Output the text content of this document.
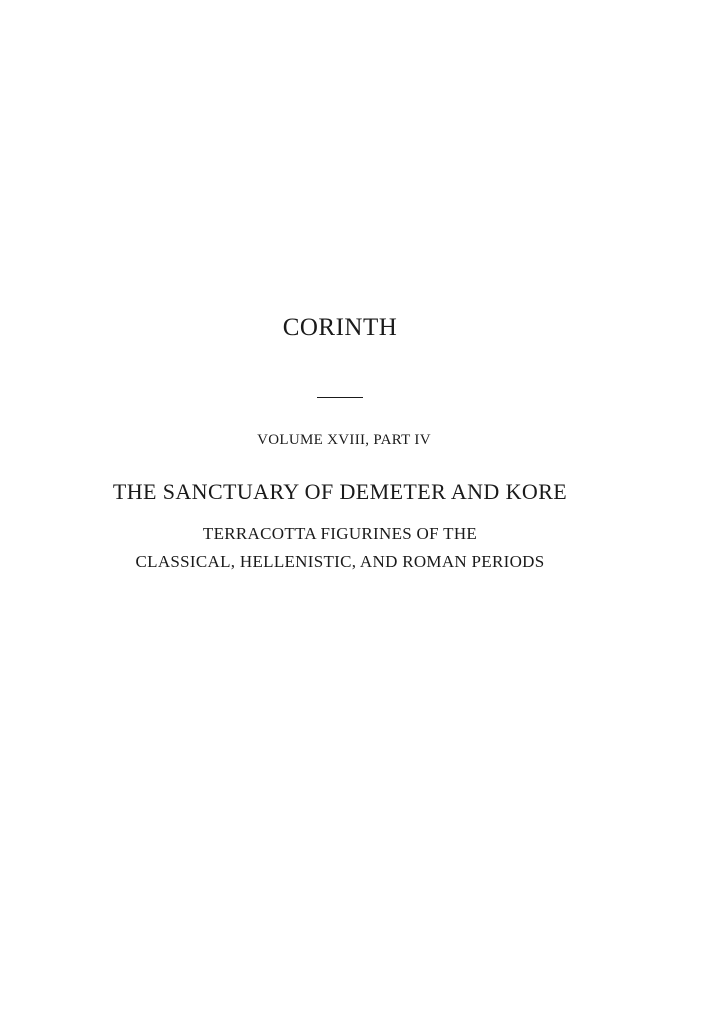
CORINTH
VOLUME XVIII, PART IV
THE SANCTUARY OF DEMETER AND KORE
TERRACOTTA FIGURINES OF THE
CLASSICAL, HELLENISTIC, AND ROMAN PERIODS
